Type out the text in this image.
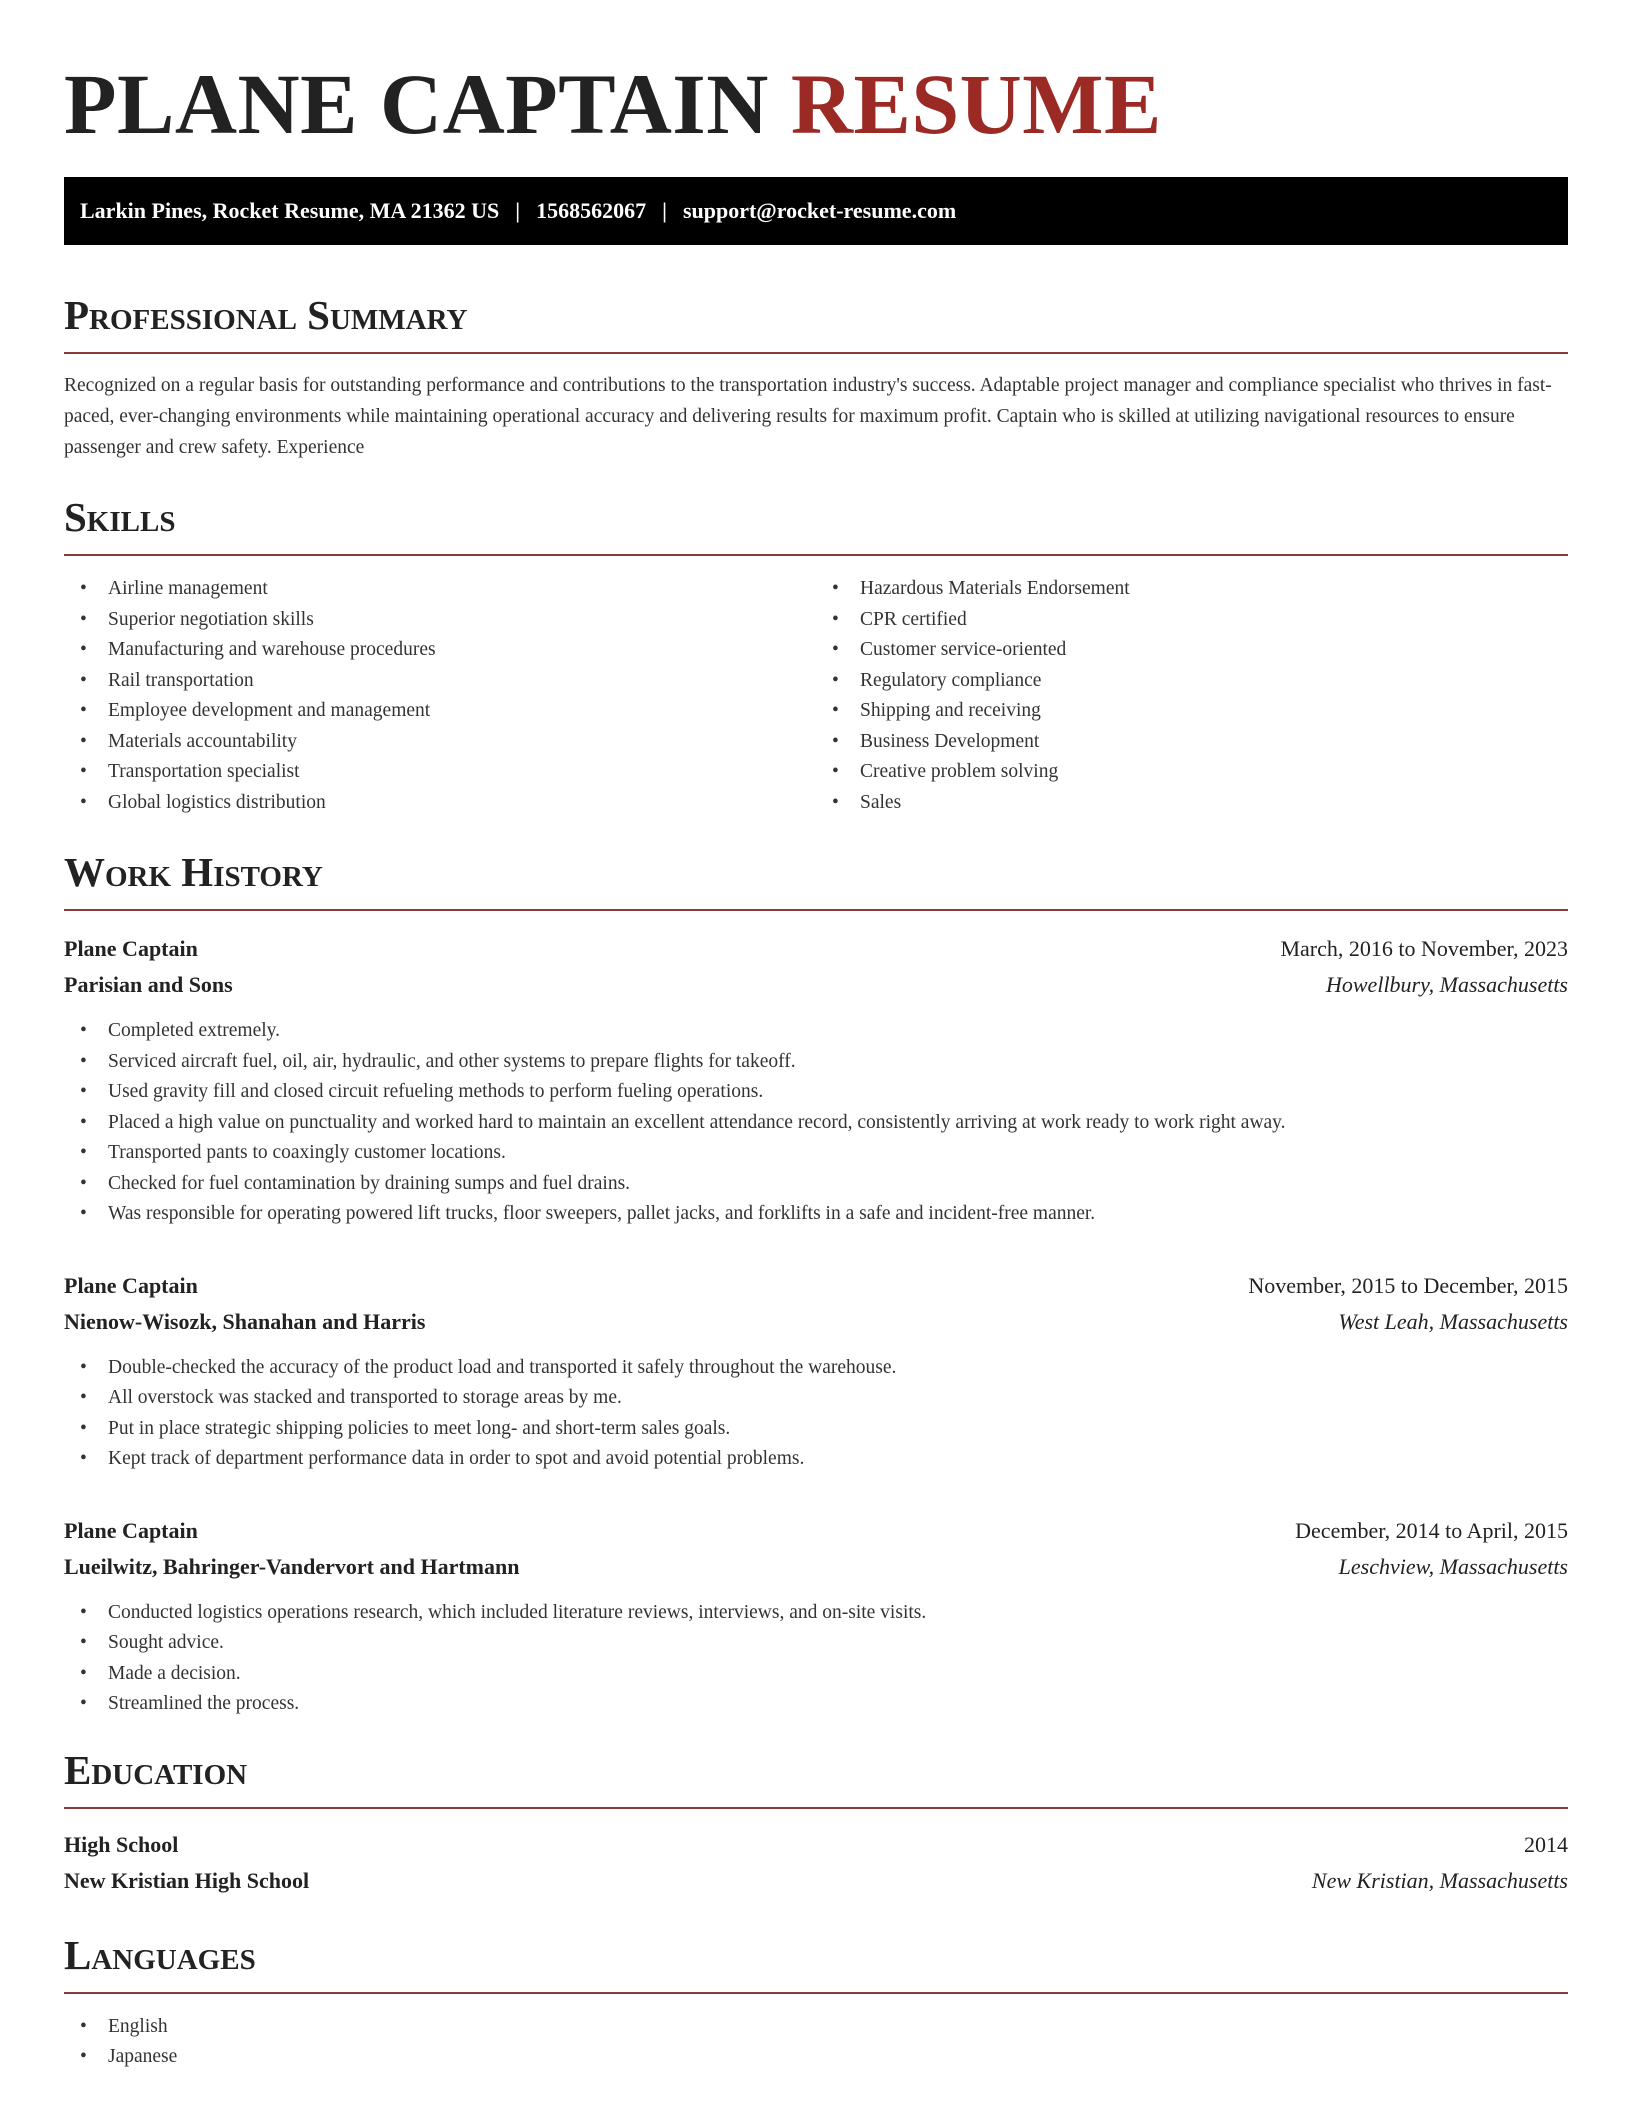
PLANE CAPTAIN RESUME
Larkin Pines, Rocket Resume, MA 21362 US | 1568562067 | support@rocket-resume.com
Professional Summary

Recognized on a regular basis for outstanding performance and contributions to the transportation industry's success. Adaptable project manager and compliance specialist who thrives in fast-paced, ever-changing environments while maintaining operational accuracy and delivering results for maximum profit. Captain who is skilled at utilizing navigational resources to ensure passenger and crew safety. Experience

Skills
• Airline management
• Superior negotiation skills
• Manufacturing and warehouse procedures
• Rail transportation
• Employee development and management
• Materials accountability
• Transportation specialist
• Global logistics distribution
• Hazardous Materials Endorsement
• CPR certified
• Customer service-oriented
• Regulatory compliance
• Shipping and receiving
• Business Development
• Creative problem solving
• Sales
Work History
Plane Captain	March, 2016 to November, 2023
Parisian and Sons	Howellbury, Massachusetts
• Completed extremely.
• Serviced aircraft fuel, oil, air, hydraulic, and other systems to prepare flights for takeoff.
• Used gravity fill and closed circuit refueling methods to perform fueling operations.
• Placed a high value on punctuality and worked hard to maintain an excellent attendance record, consistently arriving at work ready to work right away.
• Transported pants to coaxingly customer locations.
• Checked for fuel contamination by draining sumps and fuel drains.
• Was responsible for operating powered lift trucks, floor sweepers, pallet jacks, and forklifts in a safe and incident-free manner.
Plane Captain	November, 2015 to December, 2015
Nienow-Wisozk, Shanahan and Harris	West Leah, Massachusetts
• Double-checked the accuracy of the product load and transported it safely throughout the warehouse.
• All overstock was stacked and transported to storage areas by me.
• Put in place strategic shipping policies to meet long- and short-term sales goals.
• Kept track of department performance data in order to spot and avoid potential problems.
Plane Captain	December, 2014 to April, 2015
Lueilwitz, Bahringer-Vandervort and Hartmann	Leschview, Massachusetts
• Conducted logistics operations research, which included literature reviews, interviews, and on-site visits.
• Sought advice.
• Made a decision.
• Streamlined the process.
Education
High School	2014
New Kristian High School	New Kristian, Massachusetts
Languages
• English
• Japanese
